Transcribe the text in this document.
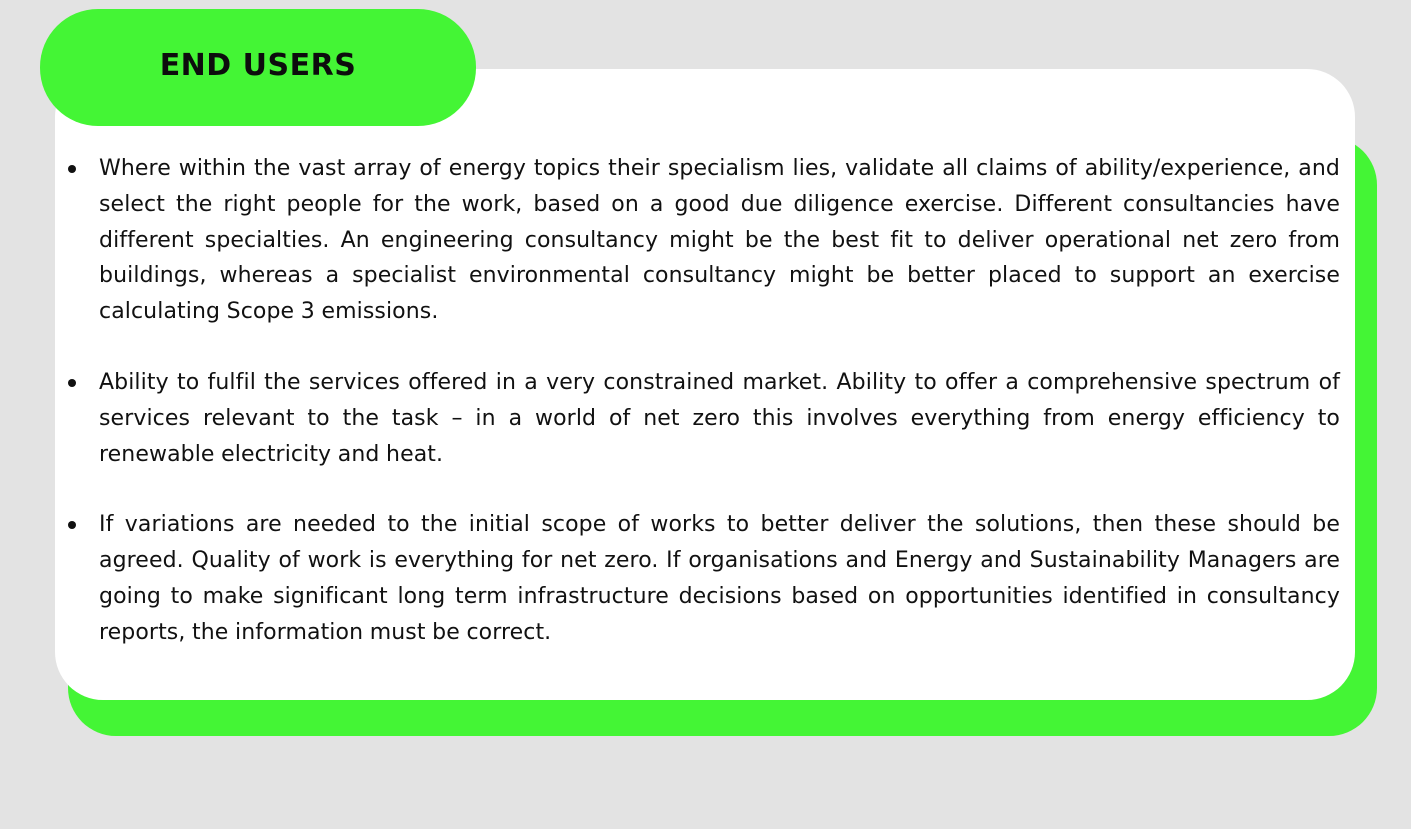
END USERS
Where within the vast array of energy topics their specialism lies, validate all claims of ability/experience, and select the right people for the work, based on a good due diligence exercise. Different consultancies have different specialties. An engineering consultancy might be the best fit to deliver operational net zero from buildings, whereas a specialist environmental consultancy might be better placed to support an exercise calculating Scope 3 emissions.
Ability to fulfil the services offered in a very constrained market. Ability to offer a comprehensive spectrum of services relevant to the task – in a world of net zero this involves everything from energy efficiency to renewable electricity and heat.
If variations are needed to the initial scope of works to better deliver the solutions, then these should be agreed. Quality of work is everything for net zero. If organisations and Energy and Sustainability Managers are going to make significant long term infrastructure decisions based on opportunities identified in consultancy reports, the information must be correct.
